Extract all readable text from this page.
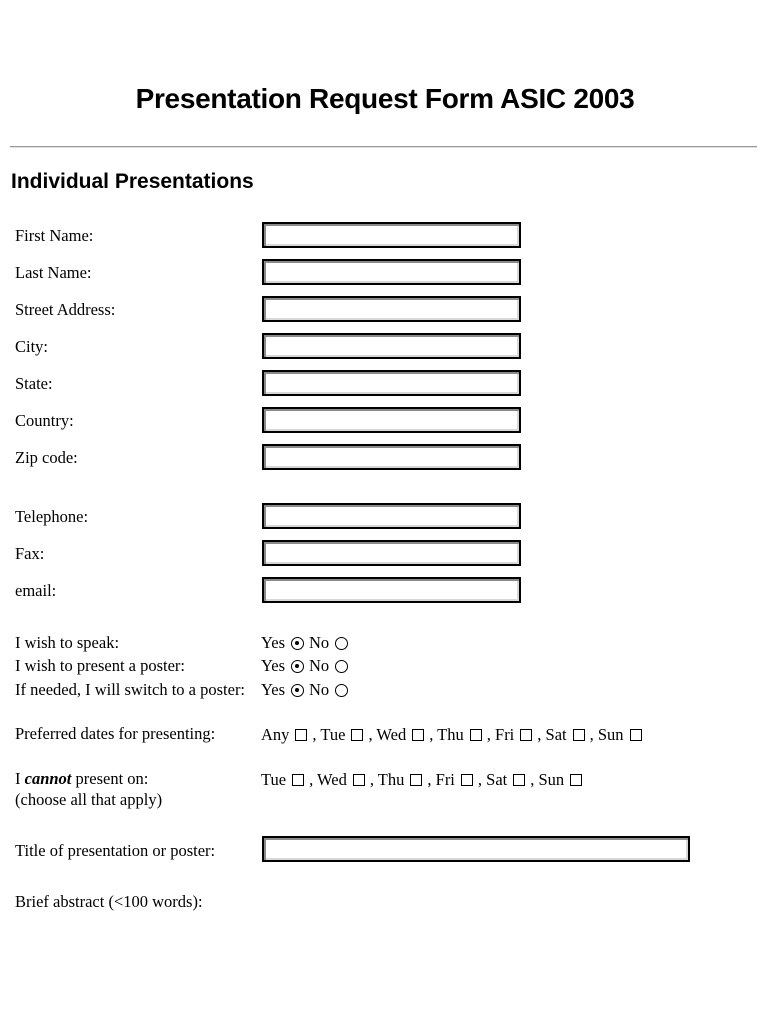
Presentation Request Form ASIC 2003
Individual Presentations
First Name:
Last Name:
Street Address:
City:
State:
Country:
Zip code:
Telephone:
Fax:
email:
I wish to speak:	Yes No
I wish to present a poster:	Yes No
If needed, I will switch to a poster: Yes No
Preferred dates for presenting:	Any , Tue , Wed , Thu , Fri , Sat , Sun
I cannot present on:
(choose all that apply)
Tue , Wed , Thu , Fri , Sat , Sun
Title of presentation or poster:
Brief abstract (<100 words):
